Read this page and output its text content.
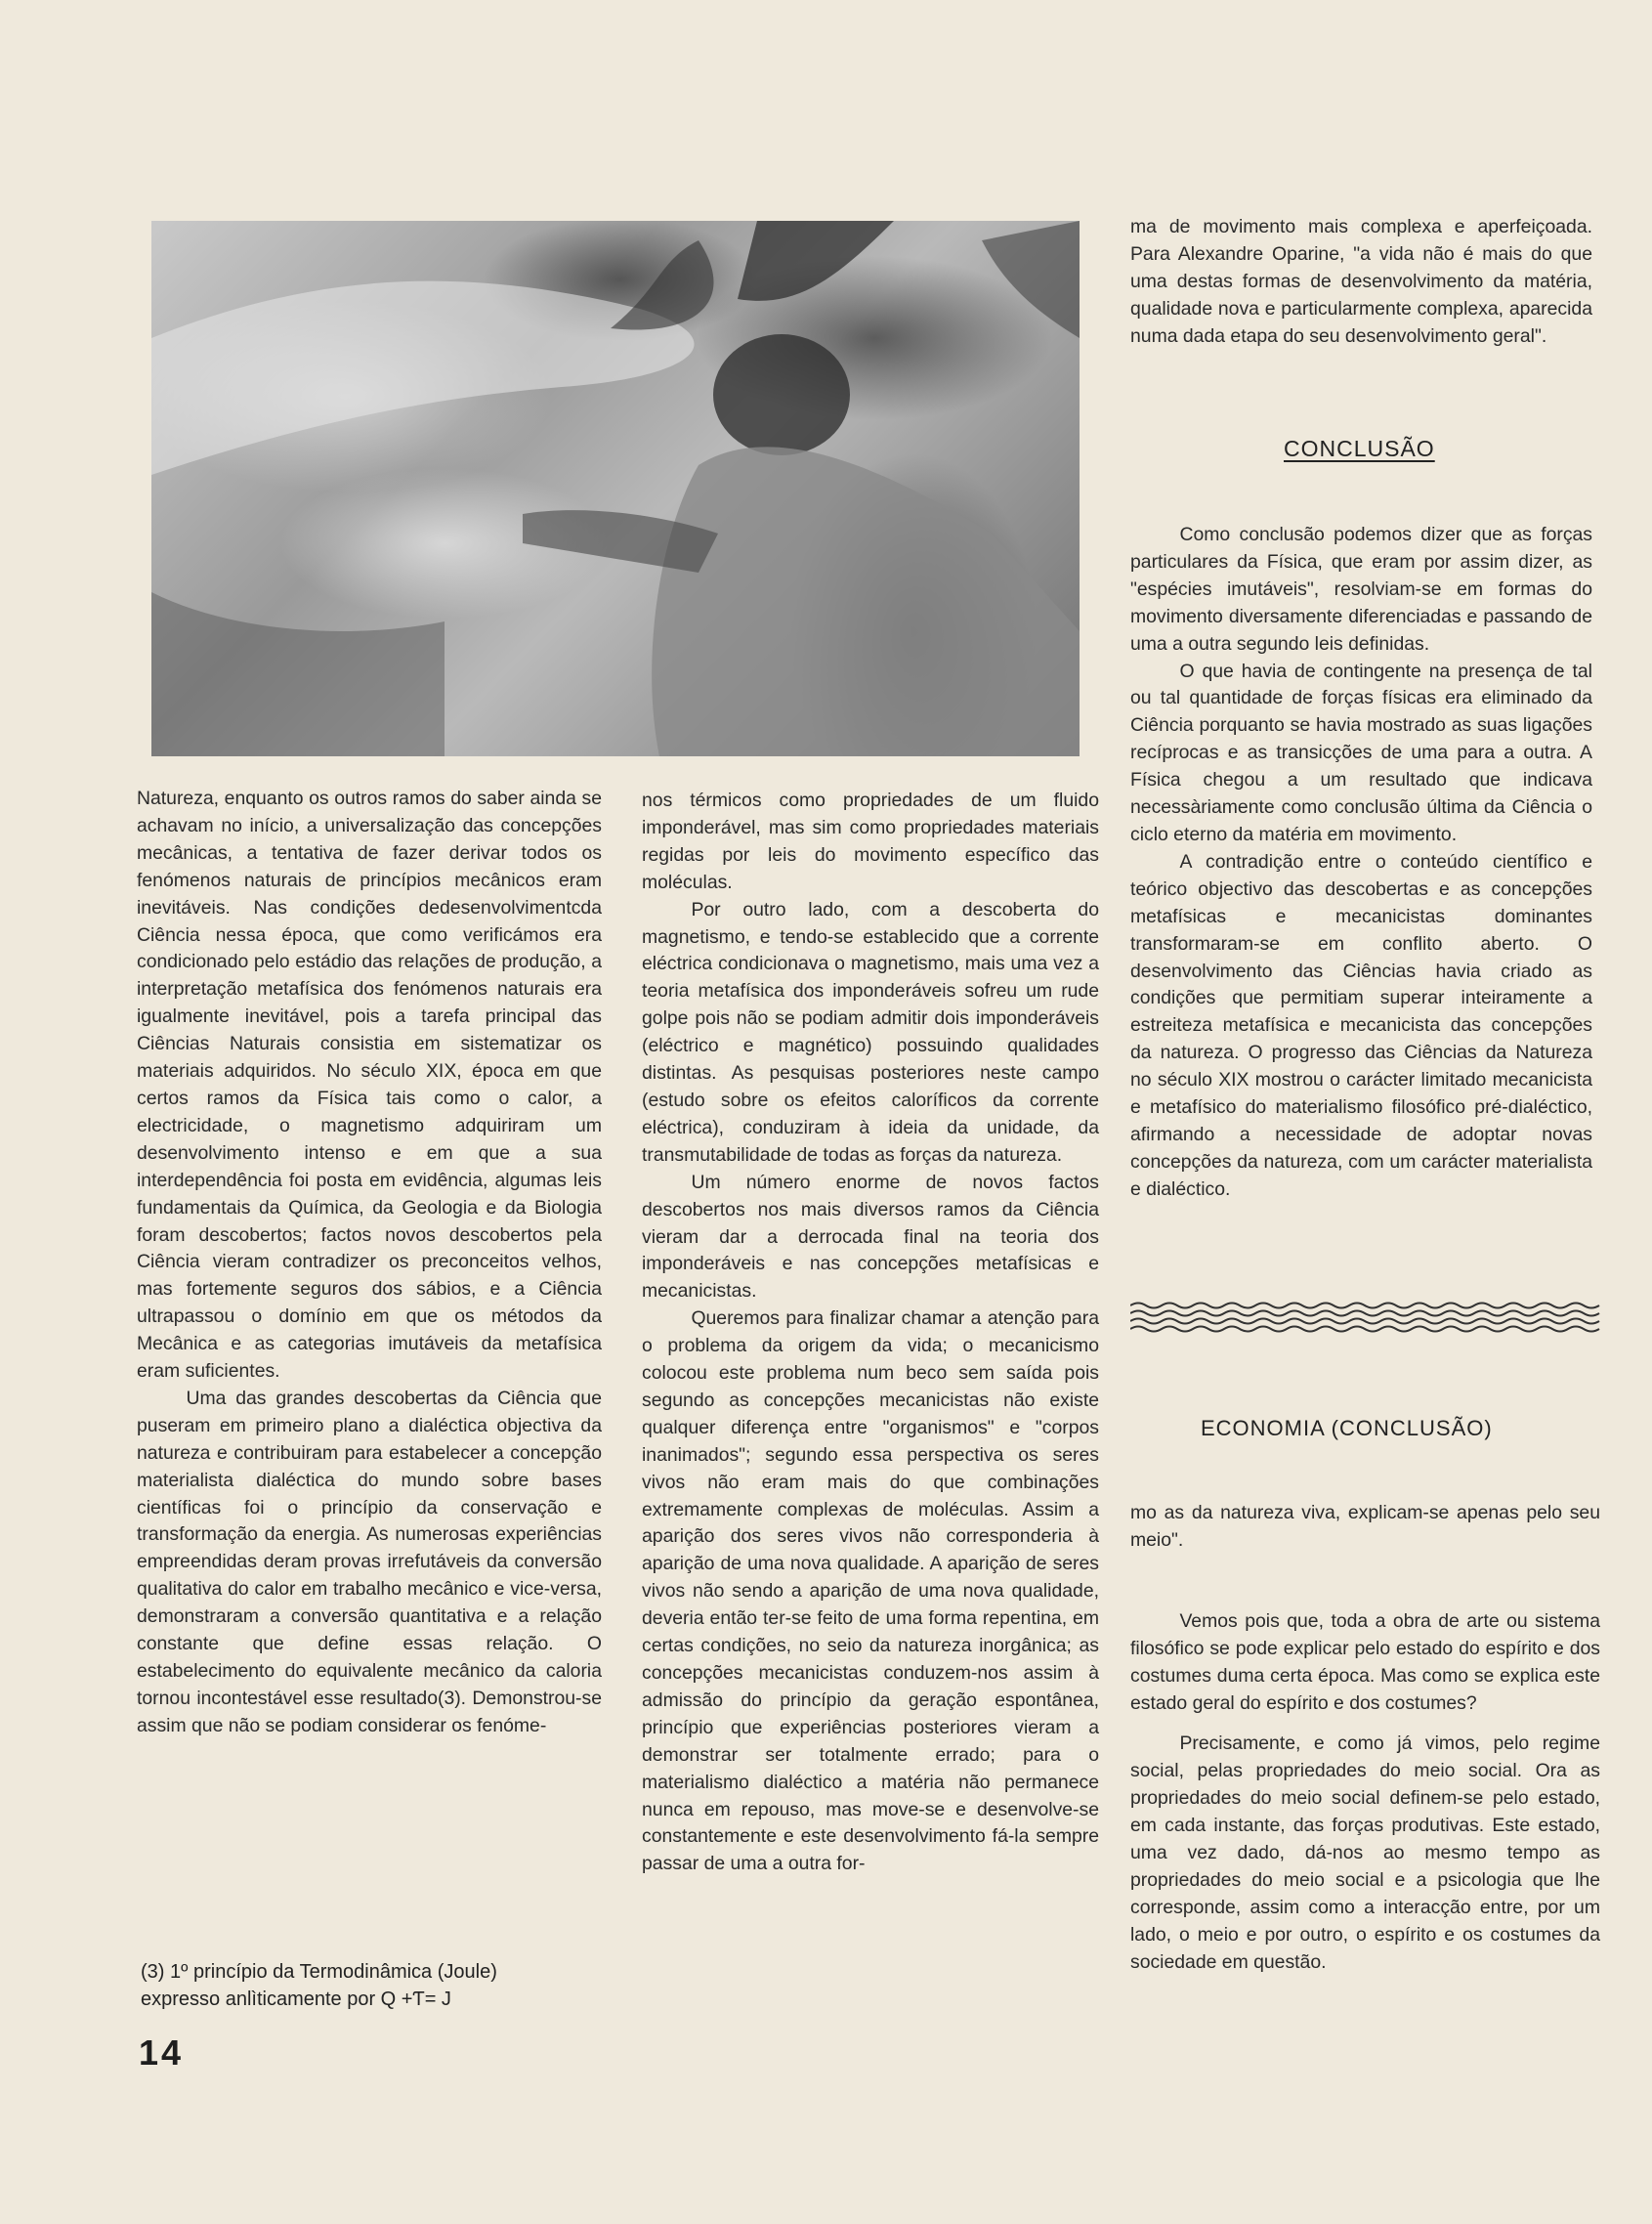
Natureza, enquanto os outros ramos do saber ainda se achavam no início, a universalização das concepções mecânicas, a tentativa de fazer derivar todos os fenómenos naturais de princípios mecânicos eram inevitáveis. Nas condições dedesenvolvimentcda Ciência nessa época, que como verificámos era condicionado pelo estádio das relações de produção, a interpretação metafísica dos fenómenos naturais era igualmente inevitável, pois a tarefa principal das Ciências Naturais consistia em sistematizar os materiais adquiridos. No século XIX, época em que certos ramos da Física tais como o calor, a electricidade, o magnetismo adquiriram um desenvolvimento intenso e em que a sua interdependência foi posta em evidência, algumas leis fundamentais da Química, da Geologia e da Biologia foram descobertos; factos novos descobertos pela Ciência vieram contradizer os preconceitos velhos, mas fortemente seguros dos sábios, e a Ciência ultrapassou o domínio em que os métodos da Mecânica e as categorias imutáveis da metafísica eram suficientes.

Uma das grandes descobertas da Ciência que puseram em primeiro plano a dialéctica objectiva da natureza e contribuiram para estabelecer a concepção materialista dialéctica do mundo sobre bases científicas foi o princípio da conservação e transformação da energia. As numerosas experiências empreendidas deram provas irrefutáveis da conversão qualitativa do calor em trabalho mecânico e vice-versa, demonstraram a conversão quantitativa e a relação constante que define essas relação. O estabelecimento do equivalente mecânico da caloria tornou incontestável esse resultado(3). Demonstrou-se assim que não se podiam considerar os fenóme-

nos térmicos como propriedades de um fluido imponderável, mas sim como propriedades materiais regidas por leis do movimento específico das moléculas.

Por outro lado, com a descoberta do magnetismo, e tendo-se establecido que a corrente eléctrica condicionava o magnetismo, mais uma vez a teoria metafísica dos imponderáveis sofreu um rude golpe pois não se podiam admitir dois imponderáveis (eléctrico e magnético) possuindo qualidades distintas. As pesquisas posteriores neste campo (estudo sobre os efeitos caloríficos da corrente eléctrica), conduziram à ideia da unidade, da transmutabilidade de todas as forças da natureza.

Um número enorme de novos factos descobertos nos mais diversos ramos da Ciência vieram dar a derrocada final na teoria dos imponderáveis e nas concepções metafísicas e mecanicistas.

Queremos para finalizar chamar a atenção para o problema da origem da vida; o mecanicismo colocou este problema num beco sem saída pois segundo as concepções mecanicistas não existe qualquer diferença entre "organismos" e "corpos inanimados"; segundo essa perspectiva os seres vivos não eram mais do que combinações extremamente complexas de moléculas. Assim a aparição dos seres vivos não corresponderia à aparição de uma nova qualidade. A aparição de seres vivos não sendo a aparição de uma nova qualidade, deveria então ter-se feito de uma forma repentina, em certas condições, no seio da natureza inorgânica; as concepções mecanicistas conduzem-nos assim à admissão do princípio da geração espontânea, princípio que experiências posteriores vieram a demonstrar ser totalmente errado; para o materialismo dialéctico a matéria não permanece nunca em repouso, mas move-se e desenvolve-se constantemente e este desenvolvimento fá-la sempre passar de uma a outra for-

ma de movimento mais complexa e aperfeiçoada. Para Alexandre Oparine, "a vida não é mais do que uma destas formas de desenvolvimento da matéria, qualidade nova e particularmente complexa, aparecida numa dada etapa do seu desenvolvimento geral".

CONCLUSÃO

Como conclusão podemos dizer que as forças particulares da Física, que eram por assim dizer, as "espécies imutáveis", resolviam-se em formas do movimento diversamente diferenciadas e passando de uma a outra segundo leis definidas.

O que havia de contingente na presença de tal ou tal quantidade de forças físicas era eliminado da Ciência porquanto se havia mostrado as suas ligações recíprocas e as transicções de uma para a outra. A Física chegou a um resultado que indicava necessàriamente como conclusão última da Ciência o ciclo eterno da matéria em movimento.

A contradição entre o conteúdo científico e teórico objectivo das descobertas e as concepções metafísicas e mecanicistas dominantes transformaram-se em conflito aberto. O desenvolvimento das Ciências havia criado as condições que permitiam superar inteiramente a estreiteza metafísica e mecanicista das concepções da natureza. O progresso das Ciências da Natureza no século XIX mostrou o carácter limitado mecanicista e metafísico do materialismo filosófico pré-dialéctico, afirmando a necessidade de adoptar novas concepções da natureza, com um carácter materialista e dialéctico.

ECONOMIA (CONCLUSÃO)

mo as da natureza viva, explicam-se apenas pelo seu meio".

Vemos pois que, toda a obra de arte ou sistema filosófico se pode explicar pelo estado do espírito e dos costumes duma certa época. Mas como se explica este estado geral do espírito e dos costumes?

Precisamente, e como já vimos, pelo regime social, pelas propriedades do meio social. Ora as propriedades do meio social definem-se pelo estado, em cada instante, das forças produtivas. Este estado, uma vez dado, dá-nos ao mesmo tempo as propriedades do meio social e a psicologia que lhe corresponde, assim como a interacção entre, por um lado, o meio e por outro, o espírito e os costumes da sociedade em questão.

(3) 1º princípio da Termodinâmica (Joule)
expresso anlìticamente por Q +Ƭ= J
14
